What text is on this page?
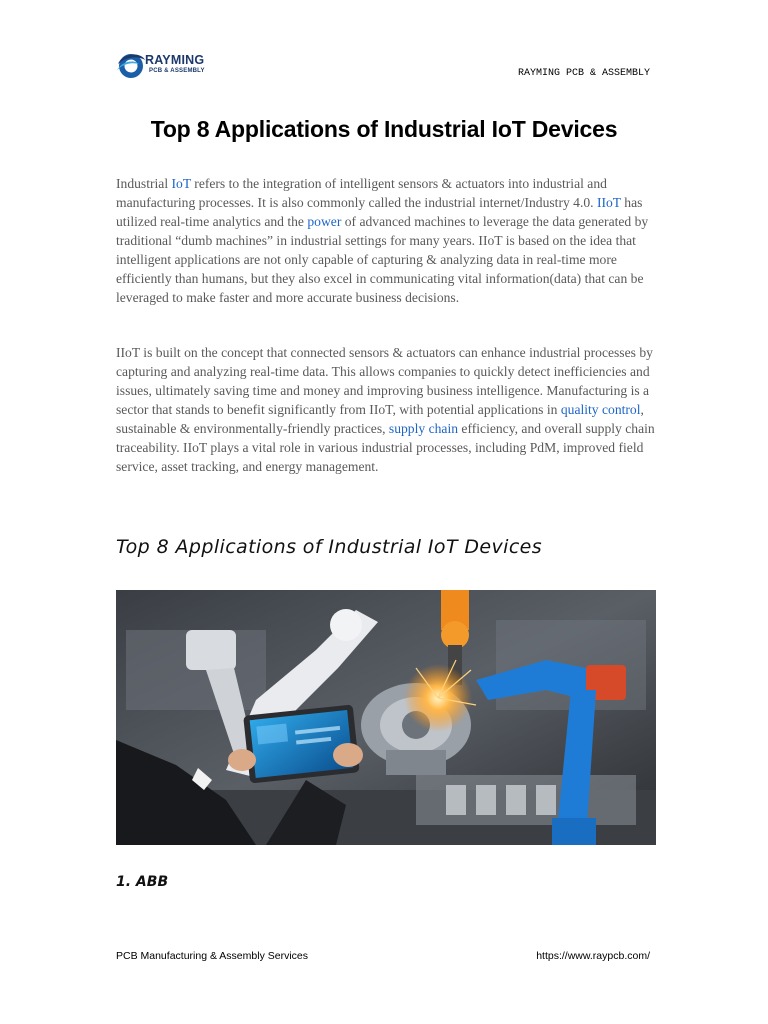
RAYMING
PCB & ASSEMBLY	RAYMING PCB & ASSEMBLY
Top 8 Applications of Industrial IoT Devices

Industrial IoT refers to the integration of intelligent sensors & actuators into industrial and manufacturing processes. It is also commonly called the industrial internet/Industry 4.0. IIoT has utilized real-time analytics and the power of advanced machines to leverage the data generated by traditional “dumb machines” in industrial settings for many years. IIoT is based on the idea that intelligent applications are not only capable of capturing & analyzing data in real-time more efficiently than humans, but they also excel in communicating vital information(data) that can be leveraged to make faster and more accurate business decisions.

IIoT is built on the concept that connected sensors & actuators can enhance industrial processes by capturing and analyzing real-time data. This allows companies to quickly detect inefficiencies and issues, ultimately saving time and money and improving business intelligence. Manufacturing is a sector that stands to benefit significantly from IIoT, with potential applications in quality control, sustainable & environmentally-friendly practices, supply chain efficiency, and overall supply chain traceability. IIoT plays a vital role in various industrial processes, including PdM, improved field service, asset tracking, and energy management.

Top 8 Applications of Industrial IoT Devices
1. ABB
PCB Manufacturing & Assembly Services	https://www.raypcb.com/
